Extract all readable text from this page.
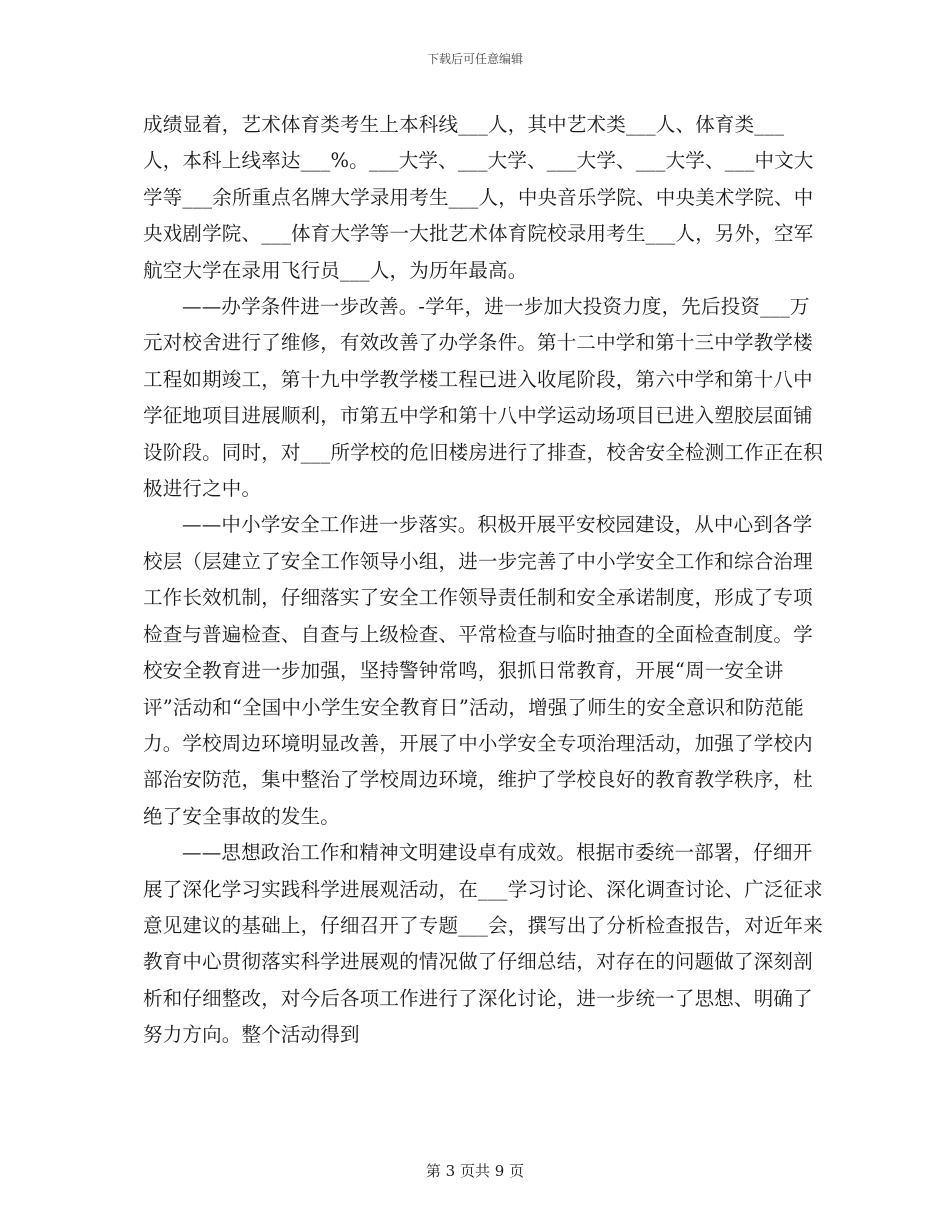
下载后可任意编辑

成绩显着，艺术体育类考生上本科线___人，其中艺术类___人、体育类___人，本科上线率达___%。___大学、___大学、___大学、___大学、___中文大学等___余所重点名牌大学录用考生___人，中央音乐学院、中央美术学院、中央戏剧学院、___体育大学等一大批艺术体育院校录用考生___人，另外，空军航空大学在录用飞行员___人，为历年最高。

——办学条件进一步改善。-学年，进一步加大投资力度，先后投资___万元对校舍进行了维修，有效改善了办学条件。第十二中学和第十三中学教学楼工程如期竣工，第十九中学教学楼工程已进入收尾阶段，第六中学和第十八中学征地项目进展顺利，市第五中学和第十八中学运动场项目已进入塑胶层面铺设阶段。同时，对___所学校的危旧楼房进行了排查，校舍安全检测工作正在积极进行之中。

——中小学安全工作进一步落实。积极开展平安校园建设，从中心到各学校层（层建立了安全工作领导小组，进一步完善了中小学安全工作和综合治理工作长效机制，仔细落实了安全工作领导责任制和安全承诺制度，形成了专项检查与普遍检查、自查与上级检查、平常检查与临时抽查的全面检查制度。学校安全教育进一步加强，坚持警钟常鸣，狠抓日常教育，开展“周一安全讲评”活动和“全国中小学生安全教育日”活动，增强了师生的安全意识和防范能力。学校周边环境明显改善，开展了中小学安全专项治理活动，加强了学校内部治安防范，集中整治了学校周边环境，维护了学校良好的教育教学秩序，杜绝了安全事故的发生。

——思想政治工作和精神文明建设卓有成效。根据市委统一部署，仔细开展了深化学习实践科学进展观活动，在___学习讨论、深化调查讨论、广泛征求意见建议的基础上，仔细召开了专题___会，撰写出了分析检查报告，对近年来教育中心贯彻落实科学进展观的情况做了仔细总结，对存在的问题做了深刻剖析和仔细整改，对今后各项工作进行了深化讨论，进一步统一了思想、明确了努力方向。整个活动得到

第 3 页共 9 页
